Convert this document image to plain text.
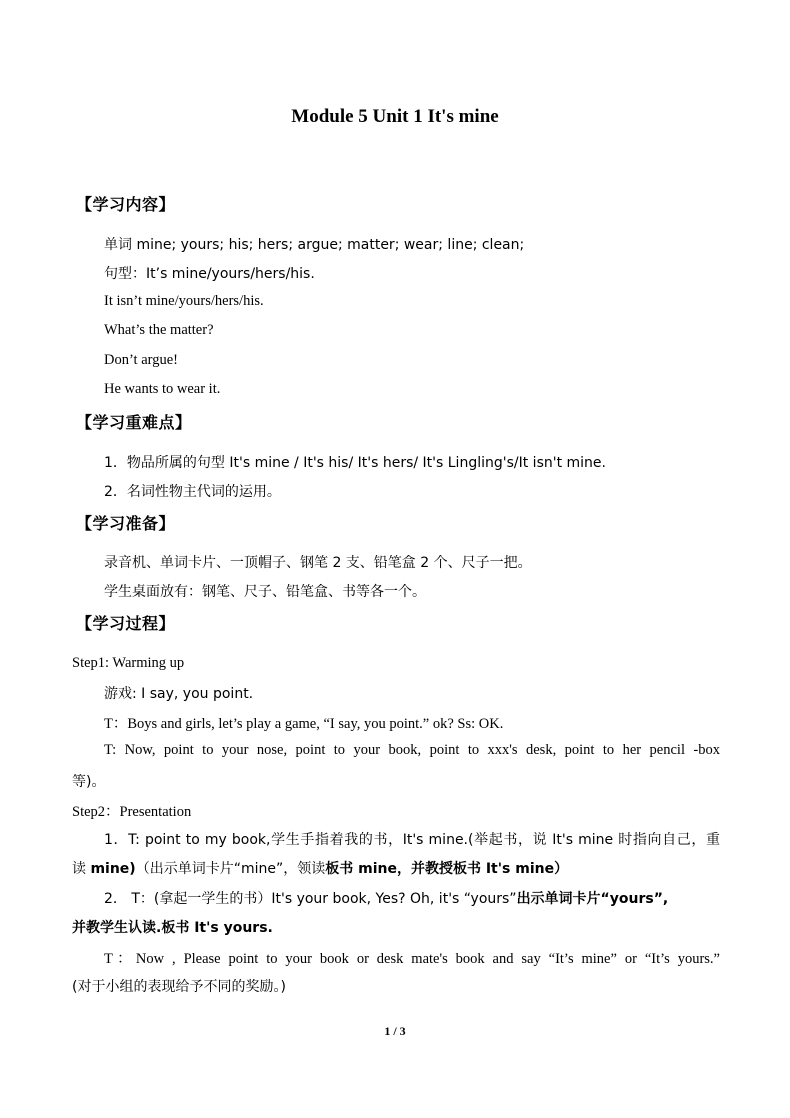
Module 5 Unit 1 It's mine
【学习内容】
单词 mine; yours; his; hers; argue; matter; wear; line; clean;
句型：It’s mine/yours/hers/his.
It isn’t mine/yours/hers/his.
What’s the matter?
Don’t argue!
He wants to wear it.
【学习重难点】
1．物品所属的句型 It's mine / It's his/ It's hers/ It's Lingling's/It isn't mine.
2．名词性物主代词的运用。
【学习准备】
录音机、单词卡片、一顶帽子、钢笔 2 支、铅笔盒 2 个、尺子一把。
学生桌面放有：钢笔、尺子、铅笔盒、书等各一个。
【学习过程】
Step1: Warming up
游戏: I say, you point.
T：Boys and girls, let’s play a game, “I say, you point.” ok? Ss: OK.
T: Now, point to your nose, point to your book, point to xxx's desk, point to her pencil -box
等)。
Step2：Presentation
1．T: point to my book,学生手指着我的书，It's mine.(举起书，说 It's mine 时指向自己，重
读 mine)（出示单词卡片“mine”，领读板书 mine，并教授板书 It's mine）
2． T：(拿起一学生的书）It's your book, Yes? Oh, it's “yours”出示单词卡片“yours”,
并教学生认读.板书 It's yours.
T：Now , Please point to your book or desk mate's book and say “It’s mine” or “It’s yours.”
(对于小组的表现给予不同的奖励。)
1 / 3
